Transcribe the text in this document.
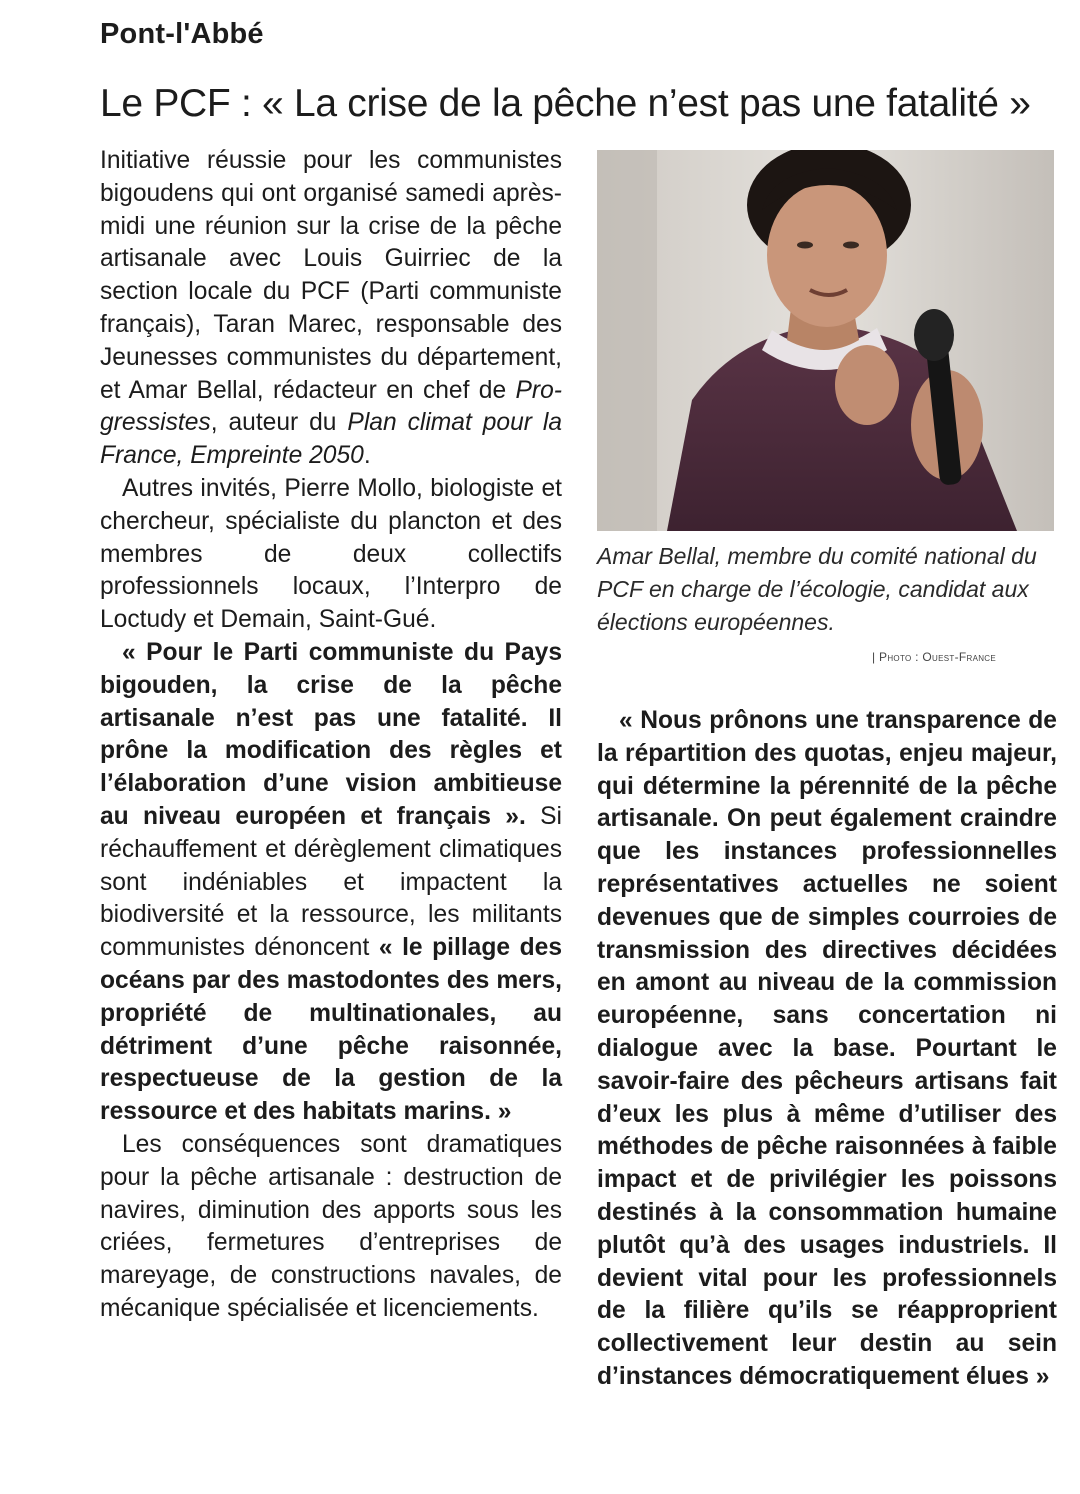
Pont-l'Abbé
Le PCF : « La crise de la pêche n’est pas une fatalité »

Initiative réussie pour les communistes bigoudens qui ont organisé samedi après-midi une réunion sur la crise de la pêche artisanale avec Louis Guirriec de la section locale du PCF (Parti communiste français), Taran Marec, responsable des Jeunesses communistes du département, et Amar Bellal, rédacteur en chef de Progressistes, auteur du Plan climat pour la France, Empreinte 2050.

Autres invités, Pierre Mollo, biologiste et chercheur, spécialiste du plancton et des membres de deux collectifs professionnels locaux, l’Interpro de Loctudy et Demain, Saint-Gué.

« Pour le Parti communiste du Pays bigouden, la crise de la pêche artisanale n’est pas une fatalité. Il prône la modification des règles et l’élaboration d’une vision ambitieuse au niveau européen et français ». Si réchauffement et dérèglement climatiques sont indéniables et impactent la biodiversité et la ressource, les militants communistes dénoncent « le pillage des océans par des mastodontes des mers, propriété de multinationales, au détriment d’une pêche raisonnée, respectueuse de la gestion de la ressource et des habitats marins. »

Les conséquences sont dramatiques pour la pêche artisanale : destruction de navires, diminution des apports sous les criées, fermetures d’entreprises de mareyage, de constructions navales, de mécanique spécialisée et licenciements.

Amar Bellal, membre du comité national du PCF en charge de l’écologie, candidat aux élections européennes.
| Photo : Ouest-France

« Nous prônons une transparence de la répartition des quotas, enjeu majeur, qui détermine la pérennité de la pêche artisanale. On peut également craindre que les instances professionnelles représentatives actuelles ne soient devenues que de simples courroies de transmission des directives décidées en amont au niveau de la commission européenne, sans concertation ni dialogue avec la base. Pourtant le savoir-faire des pêcheurs artisans fait d’eux les plus à même d’utiliser des méthodes de pêche raisonnées à faible impact et de privilégier les poissons destinés à la consommation humaine plutôt qu’à des usages industriels. Il devient vital pour les professionnels de la filière qu’ils se réapproprient collectivement leur destin au sein d’instances démocratiquement élues »
